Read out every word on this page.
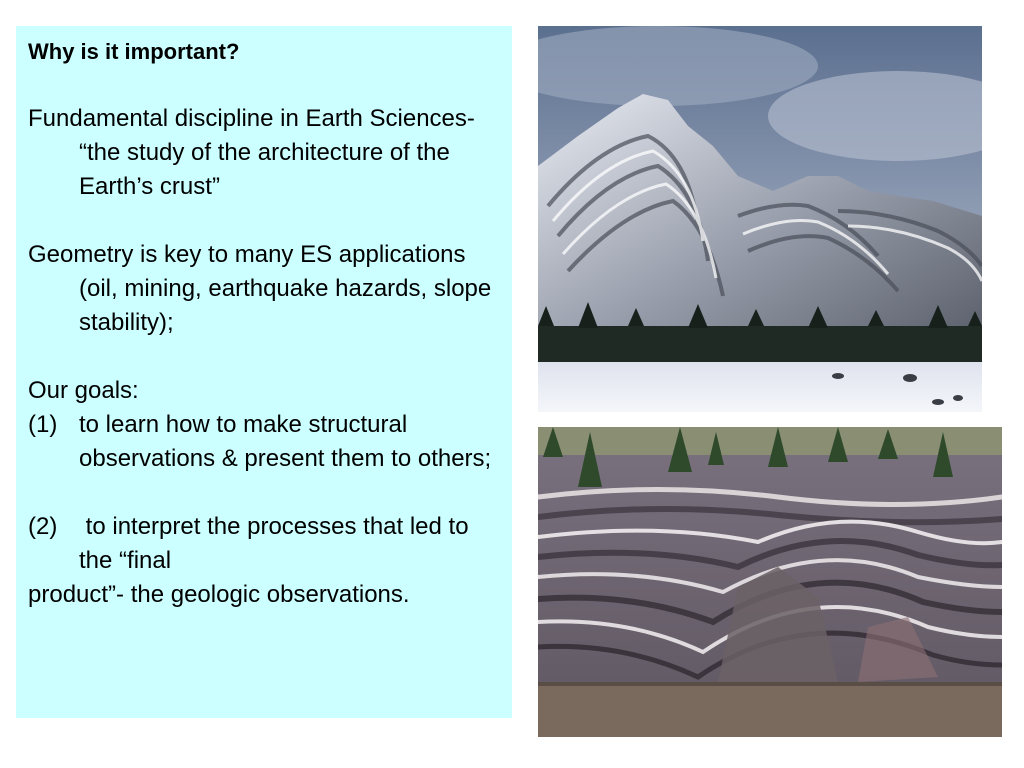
Why is it important?

Fundamental discipline in Earth Sciences- “the study of the architecture of the Earth’s crust”

Geometry is key to many ES applications (oil, mining, earthquake hazards, slope stability);

Our goals:
(1) to learn how to make structural observations & present them to others;
(2) to interpret the processes that led to the “final

product”- the geologic observations.
